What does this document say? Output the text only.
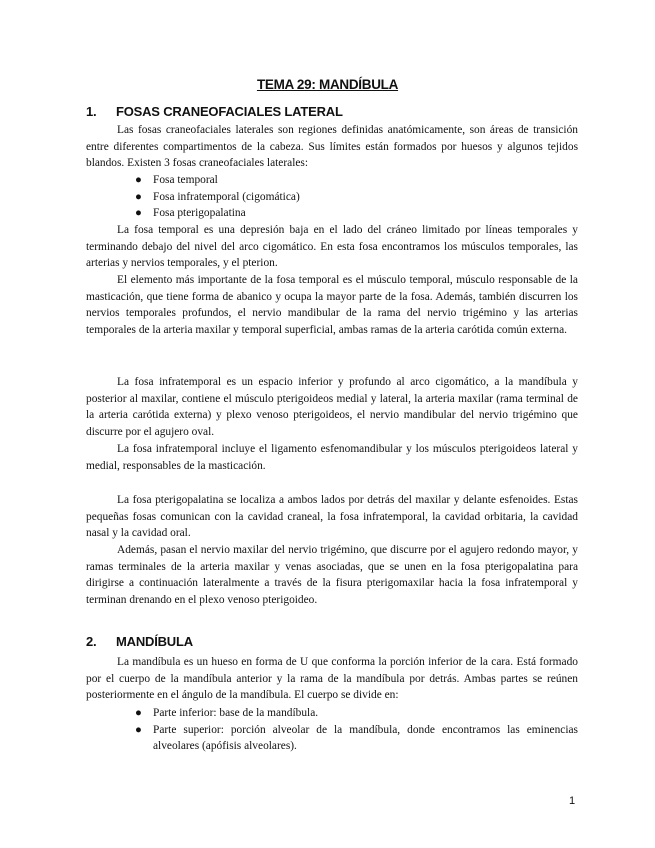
TEMA 29: MANDÍBULA
1. FOSAS CRANEOFACIALES LATERAL

Las fosas craneofaciales laterales son regiones definidas anatómicamente, son áreas de transición entre diferentes compartimentos de la cabeza. Sus límites están formados por huesos y algunos tejidos blandos. Existen 3 fosas craneofaciales laterales:

● Fosa temporal
● Fosa infratemporal (cigomática)
● Fosa pterigopalatina

La fosa temporal es una depresión baja en el lado del cráneo limitado por líneas temporales y terminando debajo del nivel del arco cigomático. En esta fosa encontramos los músculos temporales, las arterias y nervios temporales, y el pterion.

El elemento más importante de la fosa temporal es el músculo temporal, músculo responsable de la masticación, que tiene forma de abanico y ocupa la mayor parte de la fosa. Además, también discurren los nervios temporales profundos, el nervio mandibular de la rama del nervio trigémino y las arterias temporales de la arteria maxilar y temporal superficial, ambas ramas de la arteria carótida común externa.

La fosa infratemporal es un espacio inferior y profundo al arco cigomático, a la mandíbula y posterior al maxilar, contiene el músculo pterigoideos medial y lateral, la arteria maxilar (rama terminal de la arteria carótida externa) y plexo venoso pterigoideos, el nervio mandibular del nervio trigémino que discurre por el agujero oval.

La fosa infratemporal incluye el ligamento esfenomandibular y los músculos pterigoideos lateral y medial, responsables de la masticación.

La fosa pterigopalatina se localiza a ambos lados por detrás del maxilar y delante esfenoides. Estas pequeñas fosas comunican con la cavidad craneal, la fosa infratemporal, la cavidad orbitaria, la cavidad nasal y la cavidad oral.

Además, pasan el nervio maxilar del nervio trigémino, que discurre por el agujero redondo mayor, y ramas terminales de la arteria maxilar y venas asociadas, que se unen en la fosa pterigopalatina para dirigirse a continuación lateralmente a través de la fisura pterigomaxilar hacia la fosa infratemporal y terminan drenando en el plexo venoso pterigoideo.

2. MANDÍBULA

La mandíbula es un hueso en forma de U que conforma la porción inferior de la cara. Está formado por el cuerpo de la mandíbula anterior y la rama de la mandíbula por detrás. Ambas partes se reúnen posteriormente en el ángulo de la mandíbula. El cuerpo se divide en:

● Parte inferior: base de la mandíbula.
● Parte superior: porción alveolar de la mandíbula, donde encontramos las eminencias alveolares (apófisis alveolares).
1
